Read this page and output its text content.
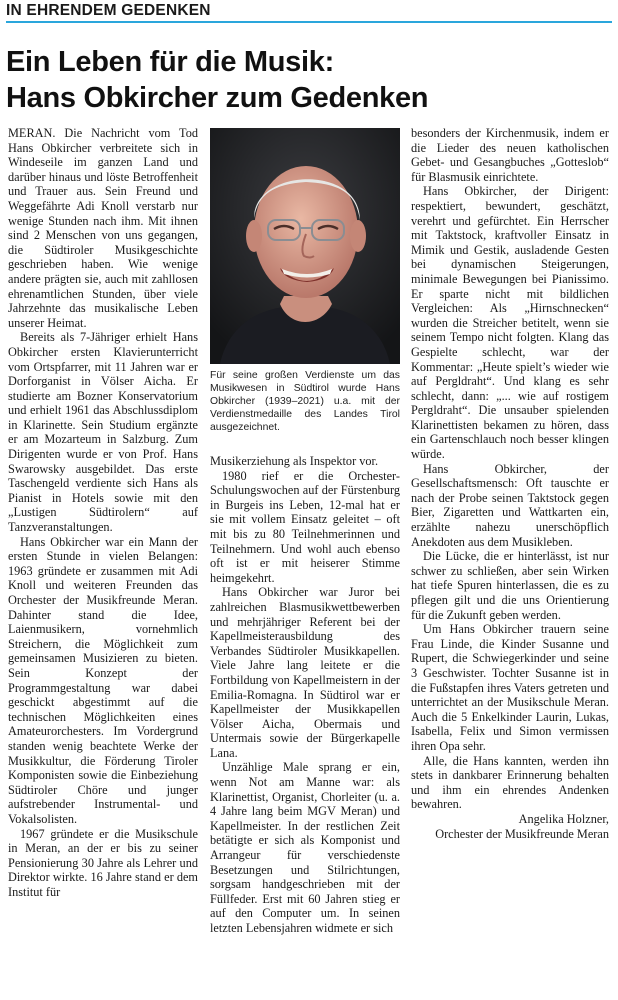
IN EHRENDEM GEDENKEN
Ein Leben für die Musik:
Hans Obkircher zum Gedenken

MERAN. Die Nachricht vom Tod Hans Obkircher verbreitete sich in Windeseile im ganzen Land und darüber hinaus und löste Betroffenheit und Trauer aus. Sein Freund und Weggefährte Adi Knoll verstarb nur wenige Stunden nach ihm. Mit ihnen sind 2 Menschen von uns gegangen, die Südtiroler Musikgeschichte geschrieben haben. Wie wenige andere prägten sie, auch mit zahllosen ehrenamtlichen Stunden, über viele Jahrzehnte das musikalische Leben unserer Heimat.

Bereits als 7-Jähriger erhielt Hans Obkircher ersten Klavierunterricht vom Ortspfarrer, mit 11 Jahren war er Dorforganist in Völser Aicha. Er studierte am Bozner Konservatorium und erhielt 1961 das Abschlussdiplom in Klarinette. Sein Studium ergänzte er am Mozarteum in Salzburg. Zum Dirigenten wurde er von Prof. Hans Swarowsky ausgebildet. Das erste Taschengeld verdiente sich Hans als Pianist in Hotels sowie mit den „Lustigen Südtirolern“ auf Tanzveranstaltungen.

Hans Obkircher war ein Mann der ersten Stunde in vielen Belangen: 1963 gründete er zusammen mit Adi Knoll und weiteren Freunden das Orchester der Musikfreunde Meran. Dahinter stand die Idee, Laienmusikern, vornehmlich Streichern, die Möglichkeit zum gemeinsamen Musizieren zu bieten. Sein Konzept der Programmgestaltung war dabei geschickt abgestimmt auf die technischen Möglichkeiten eines Amateurorchesters. Im Vordergrund standen wenig beachtete Werke der Musikkultur, die Förderung Tiroler Komponisten sowie die Einbeziehung Südtiroler Chöre und junger aufstrebender Instrumental- und Vokalsolisten.

1967 gründete er die Musikschule in Meran, an der er bis zu seiner Pensionierung 30 Jahre als Lehrer und Direktor wirkte. 16 Jahre stand er dem Institut für

Für seine großen Verdienste um das Musikwesen in Südtirol wurde Hans Obkircher (1939–2021) u.a. mit der Verdienstmedaille des Landes Tirol ausgezeichnet.

Musikerziehung als Inspektor vor.

1980 rief er die Orchester-Schulungswochen auf der Fürstenburg in Burgeis ins Leben, 12-mal hat er sie mit vollem Einsatz geleitet – oft mit bis zu 80 Teilnehmerinnen und Teilnehmern. Und wohl auch ebenso oft ist er mit heiserer Stimme heimgekehrt.

Hans Obkircher war Juror bei zahlreichen Blasmusikwettbewerben und mehrjähriger Referent bei der Kapellmeisterausbildung des Verbandes Südtiroler Musikkapellen. Viele Jahre lang leitete er die Fortbildung von Kapellmeistern in der Emilia-Romagna. In Südtirol war er Kapellmeister der Musikkapellen Völser Aicha, Obermais und Untermais sowie der Bürgerkapelle Lana.

Unzählige Male sprang er ein, wenn Not am Manne war: als Klarinettist, Organist, Chorleiter (u. a. 4 Jahre lang beim MGV Meran) und Kapellmeister. In der restlichen Zeit betätigte er sich als Komponist und Arrangeur für verschiedenste Besetzungen und Stilrichtungen, sorgsam handgeschrieben mit der Füllfeder. Erst mit 60 Jahren stieg er auf den Computer um. In seinen letzten Lebensjahren widmete er sich

besonders der Kirchenmusik, indem er die Lieder des neuen katholischen Gebet- und Gesangbuches „Gotteslob“ für Blasmusik einrichtete.

Hans Obkircher, der Dirigent: respektiert, bewundert, geschätzt, verehrt und gefürchtet. Ein Herrscher mit Taktstock, kraftvoller Einsatz in Mimik und Gestik, ausladende Gesten bei dynamischen Steigerungen, minimale Bewegungen bei Pianissimo. Er sparte nicht mit bildlichen Vergleichen: Als „Hirnschnecken“ wurden die Streicher betitelt, wenn sie seinem Tempo nicht folgten. Klang das Gespielte schlecht, war der Kommentar: „Heute spielt’s wieder wie auf Pergldraht“. Und klang es sehr schlecht, dann: „... wie auf rostigem Pergldraht“. Die unsauber spielenden Klarinettisten bekamen zu hören, dass ein Gartenschlauch noch besser klingen würde.

Hans Obkircher, der Gesellschaftsmensch: Oft tauschte er nach der Probe seinen Taktstock gegen Bier, Zigaretten und Wattkarten ein, erzählte nahezu unerschöpflich Anekdoten aus dem Musikleben.

Die Lücke, die er hinterlässt, ist nur schwer zu schließen, aber sein Wirken hat tiefe Spuren hinterlassen, die es zu pflegen gilt und die uns Orientierung für die Zukunft geben werden.

Um Hans Obkircher trauern seine Frau Linde, die Kinder Susanne und Rupert, die Schwiegerkinder und seine 3 Geschwister. Tochter Susanne ist in die Fußstapfen ihres Vaters getreten und unterrichtet an der Musikschule Meran. Auch die 5 Enkelkinder Laurin, Lukas, Isabella, Felix und Simon vermissen ihren Opa sehr.

Alle, die Hans kannten, werden ihn stets in dankbarer Erinnerung behalten und ihm ein ehrendes Andenken bewahren.

Angelika Holzner,

Orchester der Musikfreunde Meran
